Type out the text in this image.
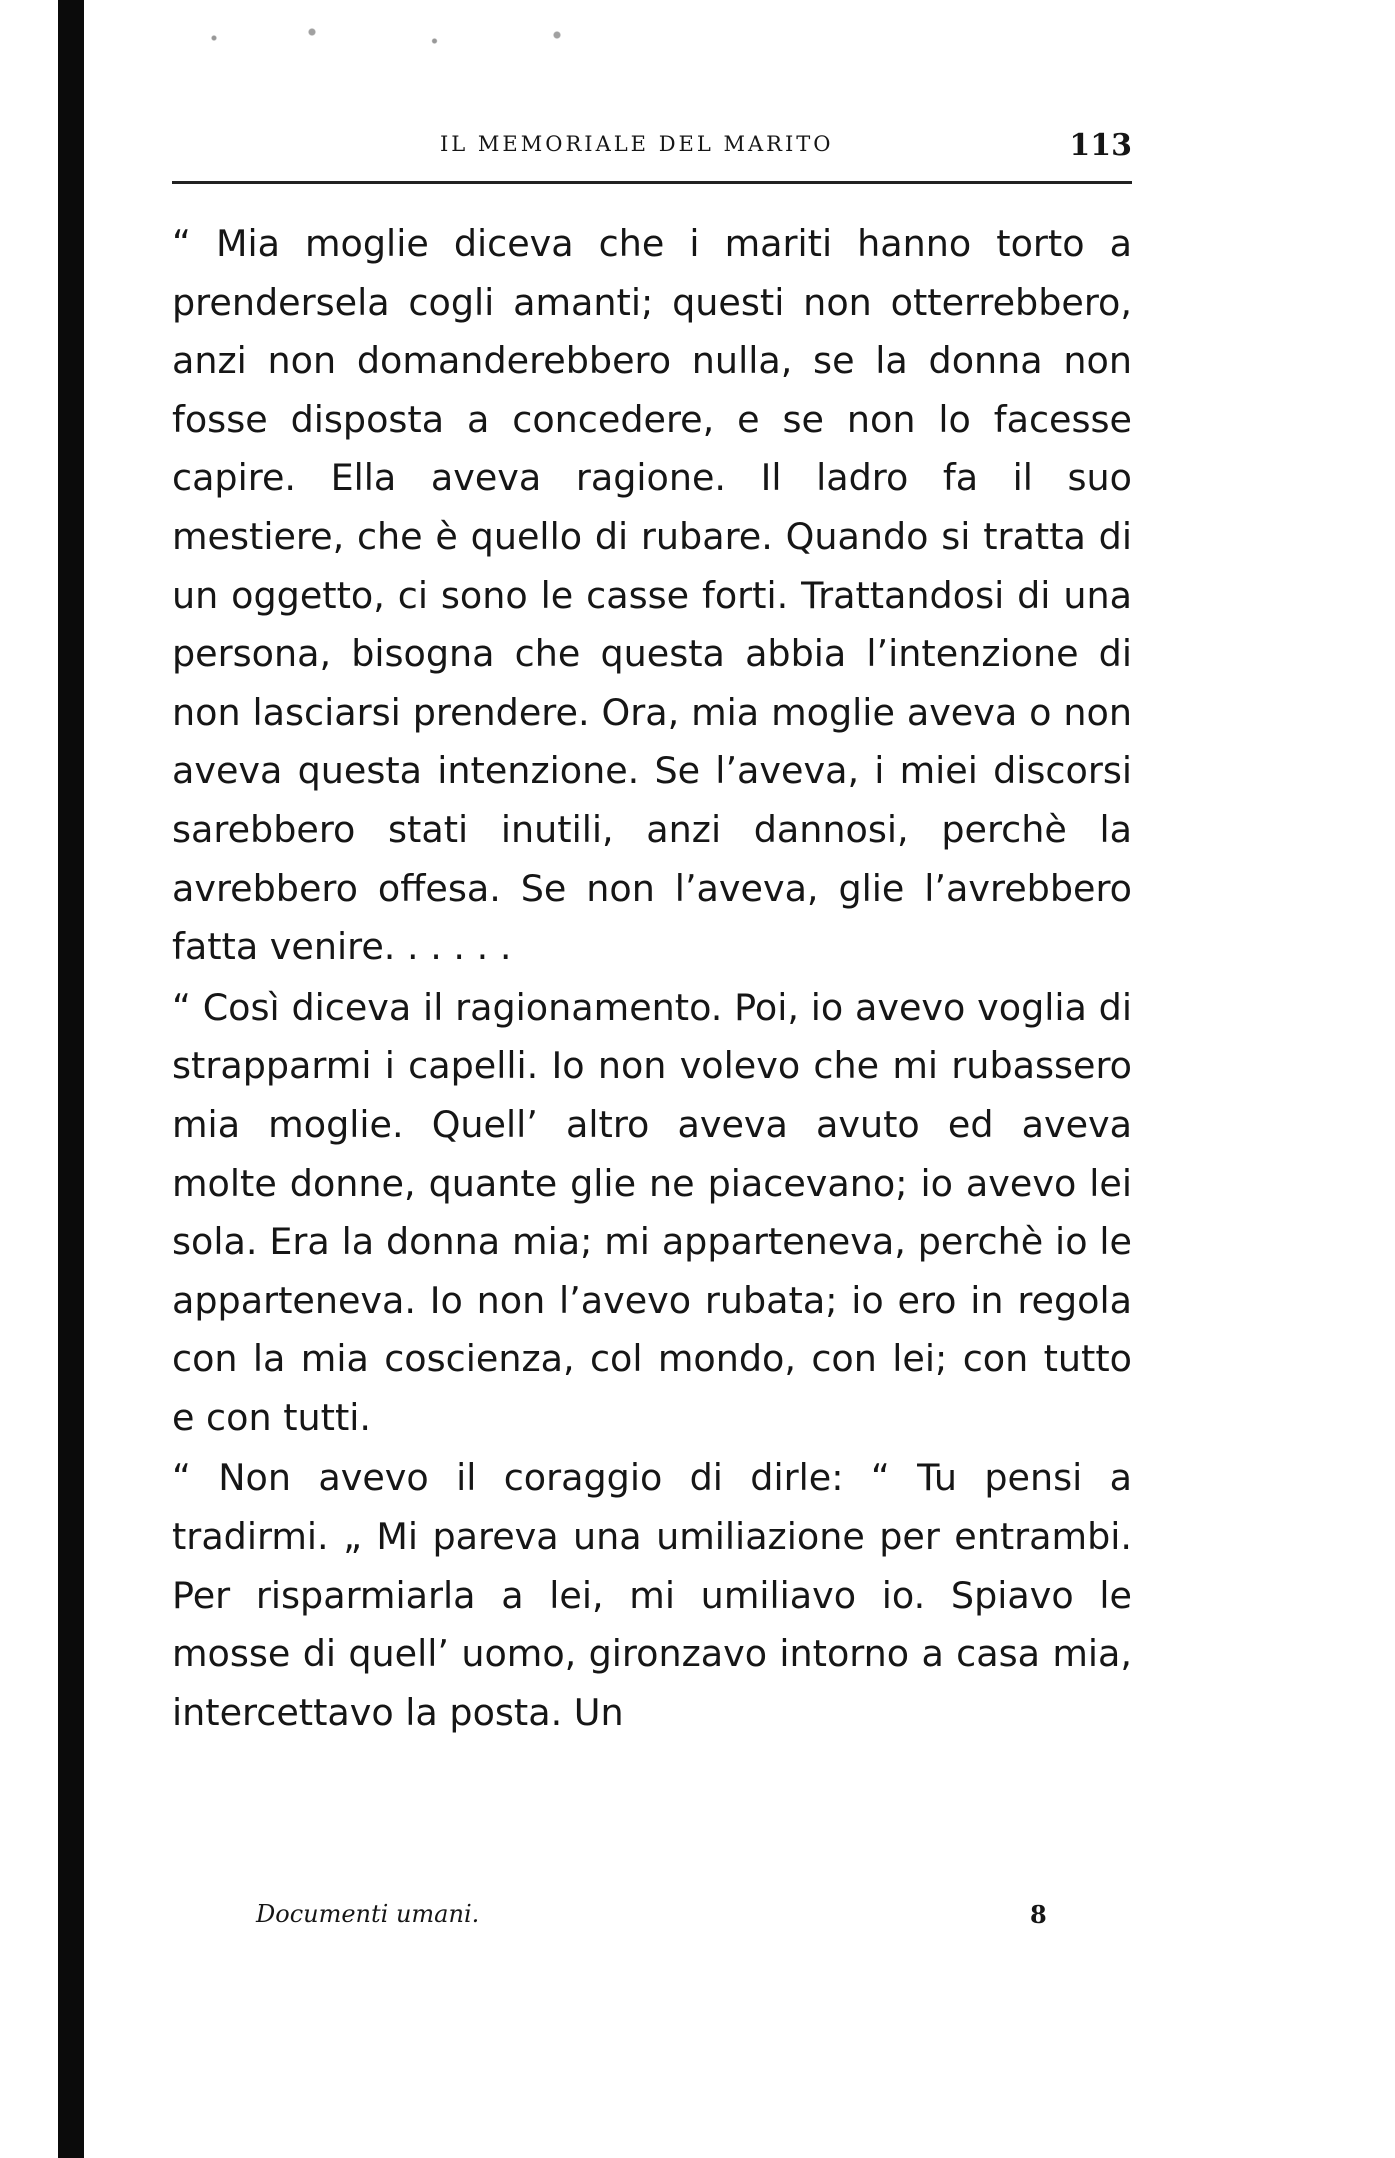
IL MEMORIALE DEL MARITO	113

“ Mia moglie diceva che i mariti hanno torto a prendersela cogli amanti; questi non otterrebbero, anzi non domanderebbero nulla, se la donna non fosse disposta a concedere, e se non lo facesse capire. Ella aveva ragione. Il ladro fa il suo mestiere, che è quello di rubare. Quando si tratta di un oggetto, ci sono le casse forti. Trattandosi di una persona, bisogna che questa abbia l’intenzione di non lasciarsi prendere. Ora, mia moglie aveva o non aveva questa intenzione. Se l’aveva, i miei discorsi sarebbero stati inutili, anzi dannosi, perchè la avrebbero offesa. Se non l’aveva, glie l’avrebbero fatta venire. . . . . .

“ Così diceva il ragionamento. Poi, io avevo voglia di strapparmi i capelli. Io non volevo che mi rubassero mia moglie. Quell’ altro aveva avuto ed aveva molte donne, quante glie ne piacevano; io avevo lei sola. Era la donna mia; mi apparteneva, perchè io le apparteneva. Io non l’avevo rubata; io ero in regola con la mia coscienza, col mondo, con lei; con tutto e con tutti.

“ Non avevo il coraggio di dirle: “ Tu pensi a tradirmi. „ Mi pareva una umiliazione per entrambi. Per risparmiarla a lei, mi umiliavo io. Spiavo le mosse di quell’ uomo, gironzavo intorno a casa mia, intercettavo la posta. Un

Documenti umani.	8
